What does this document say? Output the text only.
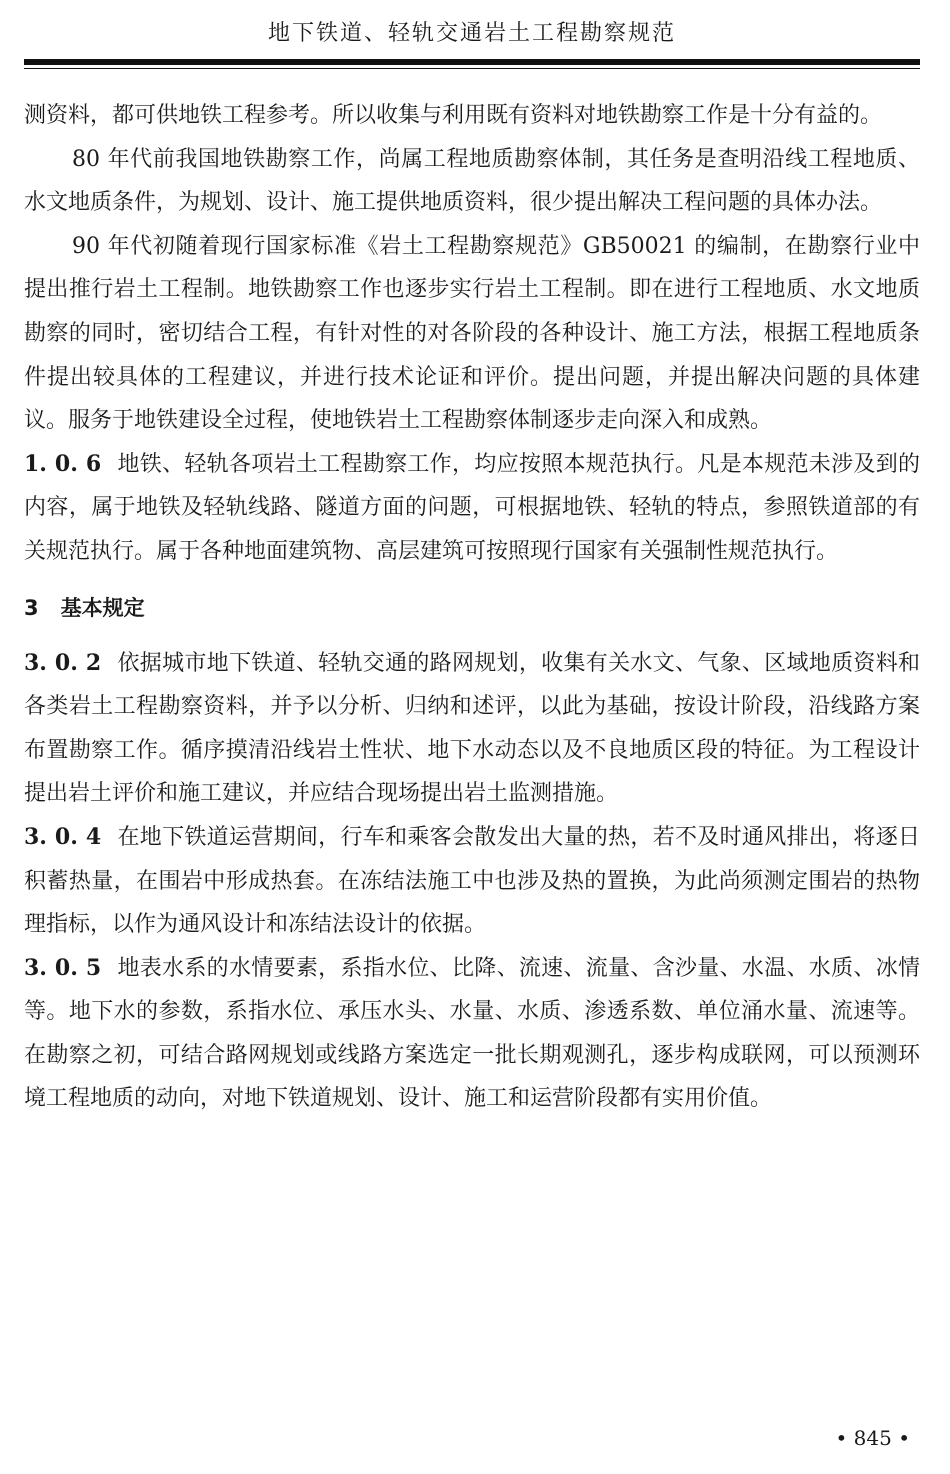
地下铁道、轻轨交通岩土工程勘察规范

测资料，都可供地铁工程参考。所以收集与利用既有资料对地铁勘察工作是十分有益的。

80 年代前我国地铁勘察工作，尚属工程地质勘察体制，其任务是查明沿线工程地质、水文地质条件，为规划、设计、施工提供地质资料，很少提出解决工程问题的具体办法。

90 年代初随着现行国家标准《岩土工程勘察规范》GB50021 的编制，在勘察行业中提出推行岩土工程制。地铁勘察工作也逐步实行岩土工程制。即在进行工程地质、水文地质勘察的同时，密切结合工程，有针对性的对各阶段的各种设计、施工方法，根据工程地质条件提出较具体的工程建议，并进行技术论证和评价。提出问题，并提出解决问题的具体建议。服务于地铁建设全过程，使地铁岩土工程勘察体制逐步走向深入和成熟。

1. 0. 6 地铁、轻轨各项岩土工程勘察工作，均应按照本规范执行。凡是本规范未涉及到的内容，属于地铁及轻轨线路、隧道方面的问题，可根据地铁、轻轨的特点，参照铁道部的有关规范执行。属于各种地面建筑物、高层建筑可按照现行国家有关强制性规范执行。

3 基本规定

3. 0. 2 依据城市地下铁道、轻轨交通的路网规划，收集有关水文、气象、区域地质资料和各类岩土工程勘察资料，并予以分析、归纳和述评，以此为基础，按设计阶段，沿线路方案布置勘察工作。循序摸清沿线岩土性状、地下水动态以及不良地质区段的特征。为工程设计提出岩土评价和施工建议，并应结合现场提出岩土监测措施。

3. 0. 4 在地下铁道运营期间，行车和乘客会散发出大量的热，若不及时通风排出，将逐日积蓄热量，在围岩中形成热套。在冻结法施工中也涉及热的置换，为此尚须测定围岩的热物理指标，以作为通风设计和冻结法设计的依据。

3. 0. 5 地表水系的水情要素，系指水位、比降、流速、流量、含沙量、水温、水质、冰情等。地下水的参数，系指水位、承压水头、水量、水质、渗透系数、单位涌水量、流速等。在勘察之初，可结合路网规划或线路方案选定一批长期观测孔，逐步构成联网，可以预测环境工程地质的动向，对地下铁道规划、设计、施工和运营阶段都有实用价值。

• 845 •
